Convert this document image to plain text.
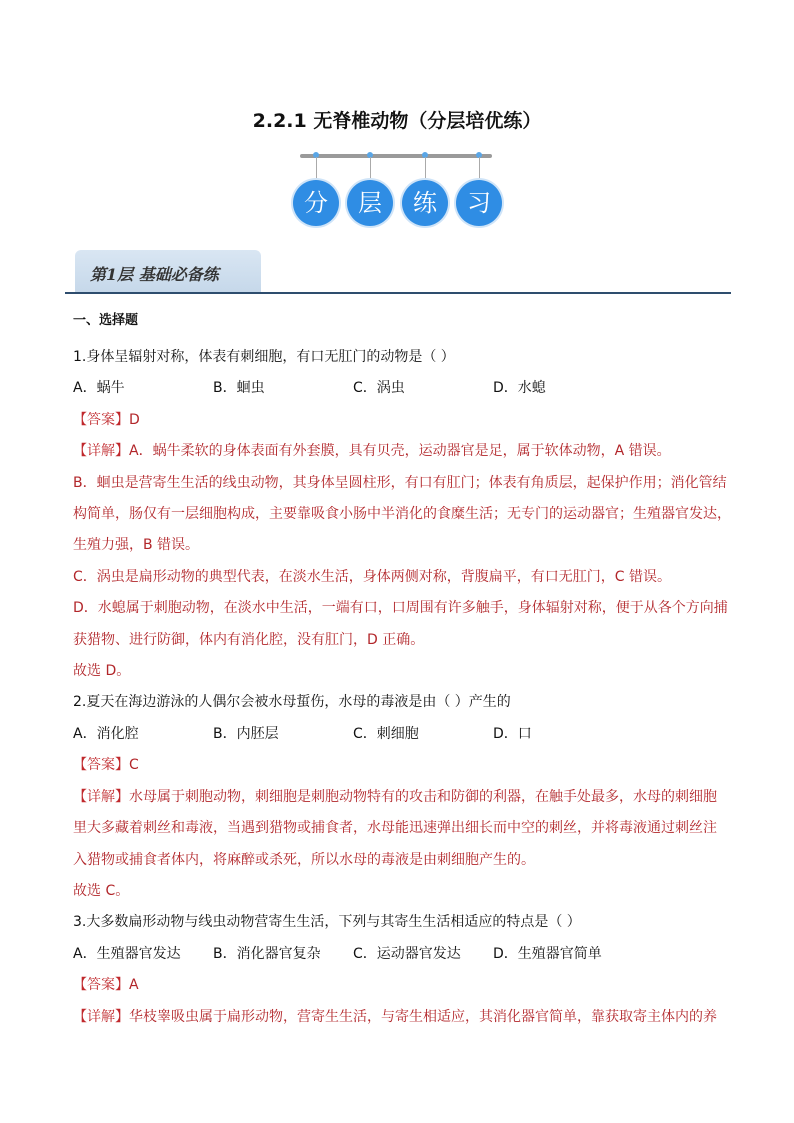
2.2.1 无脊椎动物（分层培优练）
分	层	练	习
第1层 基础必备练
一、选择题

1.身体呈辐射对称，体表有刺细胞，有口无肛门的动物是（ ）

A．蜗牛	B．蛔虫	C．涡虫	D．水螅

【答案】D

【详解】A．蜗牛柔软的身体表面有外套膜，具有贝壳，运动器官是足，属于软体动物，A 错误。

B．蛔虫是营寄生生活的线虫动物，其身体呈圆柱形，有口有肛门；体表有角质层，起保护作用；消化管结

构简单，肠仅有一层细胞构成，主要靠吸食小肠中半消化的食糜生活；无专门的运动器官；生殖器官发达，

生殖力强，B 错误。

C．涡虫是扁形动物的典型代表，在淡水生活，身体两侧对称，背腹扁平，有口无肛门，C 错误。

D．水螅属于刺胞动物，在淡水中生活，一端有口，口周围有许多触手，身体辐射对称，便于从各个方向捕

获猎物、进行防御，体内有消化腔，没有肛门，D 正确。

故选 D。

2.夏天在海边游泳的人偶尔会被水母蜇伤，水母的毒液是由（ ）产生的

A．消化腔	B．内胚层	C．刺细胞	D．口

【答案】C

【详解】水母属于刺胞动物，刺细胞是刺胞动物特有的攻击和防御的利器，在触手处最多，水母的刺细胞

里大多藏着刺丝和毒液，当遇到猎物或捕食者，水母能迅速弹出细长而中空的刺丝，并将毒液通过刺丝注

入猎物或捕食者体内，将麻醉或杀死，所以水母的毒液是由刺细胞产生的。

故选 C。

3.大多数扁形动物与线虫动物营寄生生活，下列与其寄生生活相适应的特点是（ ）

A．生殖器官发达	B．消化器官复杂	C．运动器官发达	D．生殖器官简单

【答案】A

【详解】华枝睾吸虫属于扁形动物，营寄生生活，与寄生相适应，其消化器官简单，靠获取寄主体内的养
